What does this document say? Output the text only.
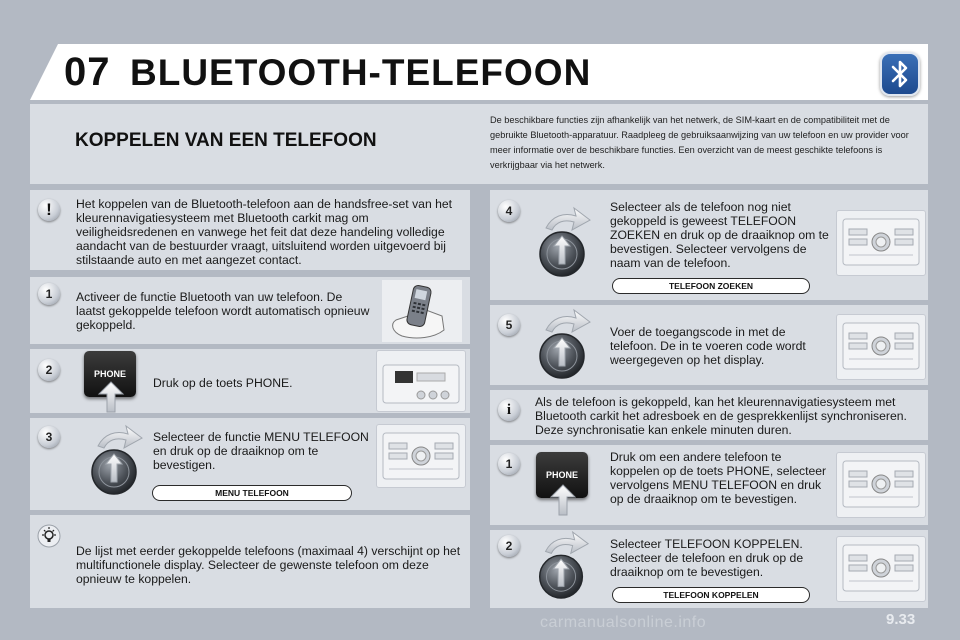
07 BLUETOOTH-TELEFOON
KOPPELEN VAN EEN TELEFOON
De beschikbare functies zijn afhankelijk van het netwerk, de SIM-kaart en de compatibiliteit met de gebruikte Bluetooth-apparatuur. Raadpleeg de gebruiksaanwijzing van uw telefoon en uw provider voor meer informatie over de beschikbare functies. Een overzicht van de meest geschikte telefoons is verkrijgbaar via het netwerk.
!	Het koppelen van de Bluetooth-telefoon aan de handsfree-set van het kleurennavigatiesysteem met Bluetooth carkit mag om veiligheidsredenen en vanwege het feit dat deze handeling volledige aandacht van de bestuurder vraagt, uitsluitend worden uitgevoerd bij stilstaande auto en met aangezet contact.
1	Activeer de functie Bluetooth van uw telefoon. De laatst gekoppelde telefoon wordt automatisch opnieuw gekoppeld.
2	PHONE
Druk op de toets PHONE.
3	Selecteer de functie MENU TELEFOON en druk op de draaiknop om te bevestigen.
MENU TELEFOON
De lijst met eerder gekoppelde telefoons (maximaal 4) verschijnt op het multifunctionele display. Selecteer de gewenste telefoon om deze opnieuw te koppelen.
4	Selecteer als de telefoon nog niet gekoppeld is geweest TELEFOON ZOEKEN en druk op de draaiknop om te bevestigen. Selecteer vervolgens de naam van de telefoon.
TELEFOON ZOEKEN
5	Voer de toegangscode in met de telefoon. De in te voeren code wordt weergegeven op het display.
i	Als de telefoon is gekoppeld, kan het kleurennavigatiesysteem met Bluetooth carkit het adresboek en de gesprekkenlijst synchroniseren. Deze synchronisatie kan enkele minuten duren.
1
PHONE
Druk om een andere telefoon te koppelen op de toets PHONE, selecteer vervolgens MENU TELEFOON en druk op de draaiknop om te bevestigen.
2	Selecteer TELEFOON KOPPELEN. Selecteer de telefoon en druk op de draaiknop om te bevestigen.
TELEFOON KOPPELEN
carmanualsonline.info	9.33
